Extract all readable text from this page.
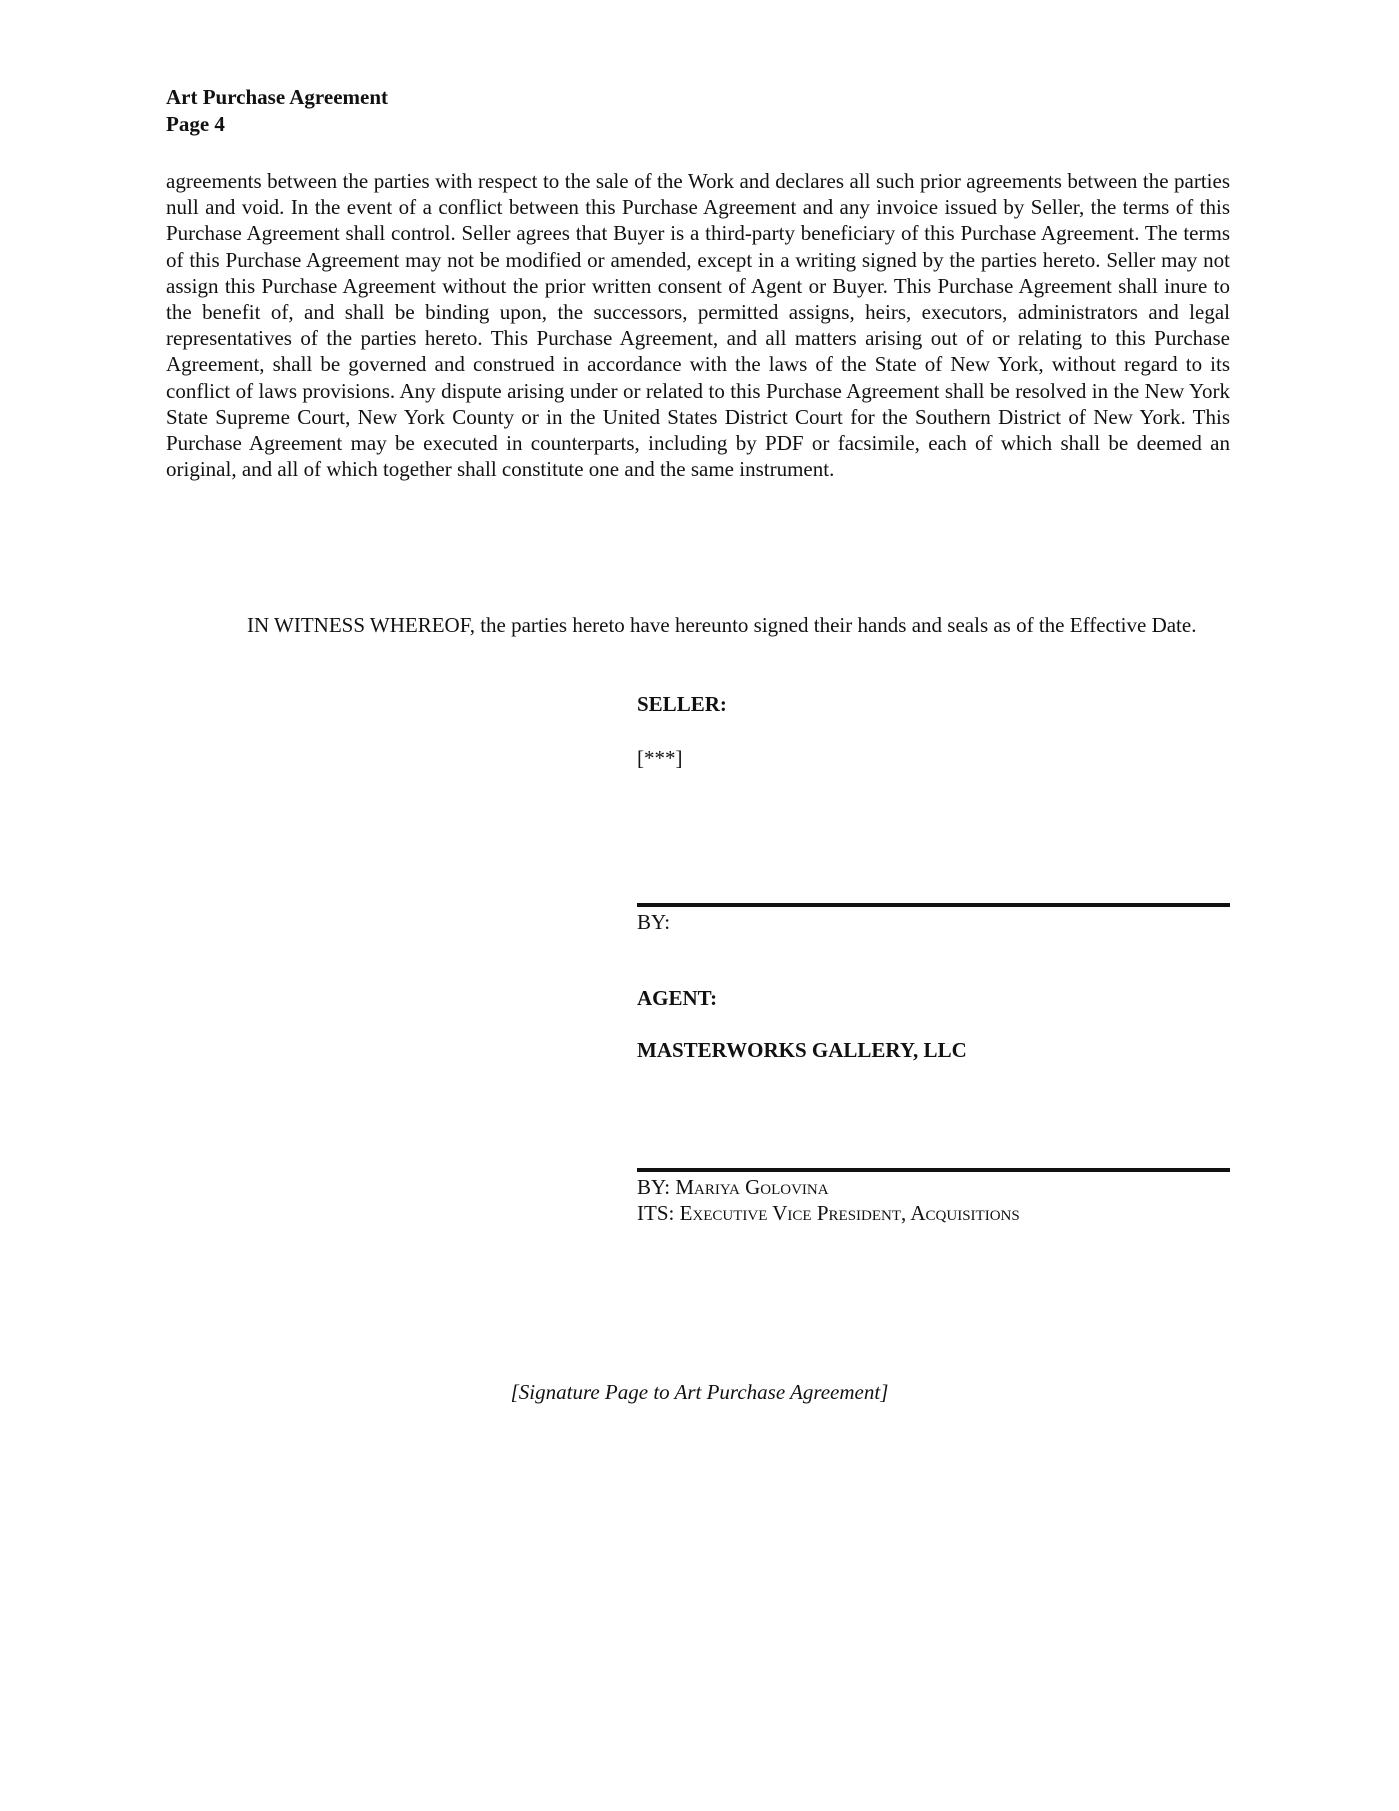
Art Purchase Agreement
Page 4
agreements between the parties with respect to the sale of the Work and declares all such prior agreements between the parties null and void. In the event of a conflict between this Purchase Agreement and any invoice issued by Seller, the terms of this Purchase Agreement shall control. Seller agrees that Buyer is a third-party beneficiary of this Purchase Agreement. The terms of this Purchase Agreement may not be modified or amended, except in a writing signed by the parties hereto. Seller may not assign this Purchase Agreement without the prior written consent of Agent or Buyer. This Purchase Agreement shall inure to the benefit of, and shall be binding upon, the successors, permitted assigns, heirs, executors, administrators and legal representatives of the parties hereto. This Purchase Agreement, and all matters arising out of or relating to this Purchase Agreement, shall be governed and construed in accordance with the laws of the State of New York, without regard to its conflict of laws provisions. Any dispute arising under or related to this Purchase Agreement shall be resolved in the New York State Supreme Court, New York County or in the United States District Court for the Southern District of New York. This Purchase Agreement may be executed in counterparts, including by PDF or facsimile, each of which shall be deemed an original, and all of which together shall constitute one and the same instrument.
IN WITNESS WHEREOF, the parties hereto have hereunto signed their hands and seals as of the Effective Date.
SELLER:
[***]
BY:
AGENT:
MASTERWORKS GALLERY, LLC
BY: Mariya Golovina
ITS: Executive Vice President, Acquisitions
[Signature Page to Art Purchase Agreement]
